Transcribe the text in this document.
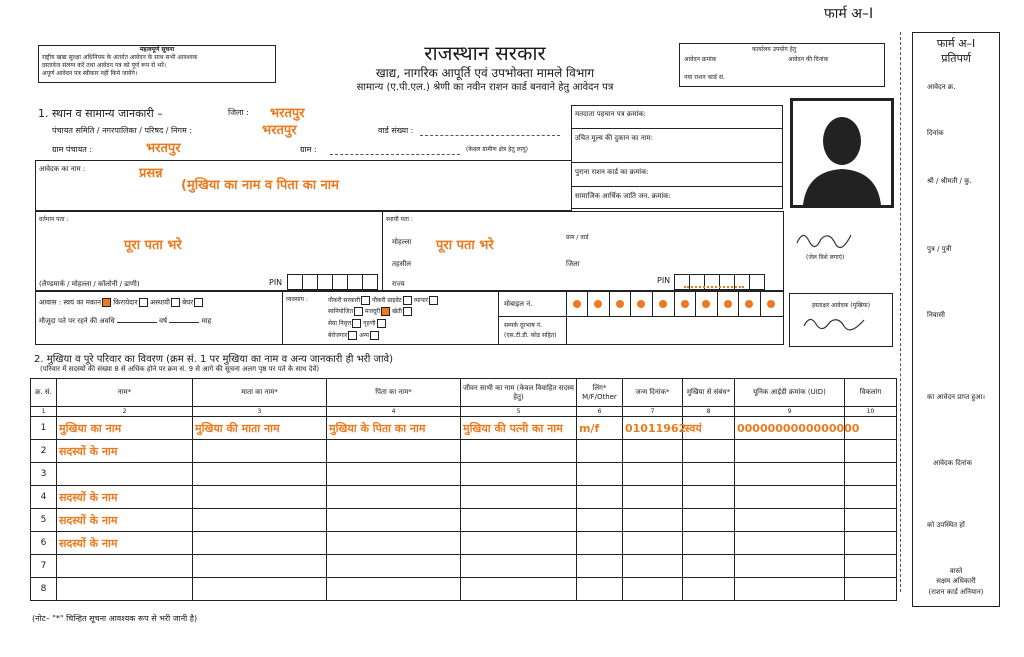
फार्म अ–I
महत्वपूर्ण सूचना
राष्ट्रीय खाद्य सुरक्षा अधिनियम के अंतर्गत आवेदन के साथ सभी आवश्यक
दस्तावेज संलग्न करें तथा आवेदन पत्र को पूर्ण रूप से भरें।
अपूर्ण आवेदन पत्र स्वीकार नहीं किये जायेंगे।
राजस्थान सरकार
खाद्य, नागरिक आपूर्ति एवं उपभोक्ता मामले विभाग
सामान्य (ए.पी.एल.) श्रेणी का नवीन राशन कार्ड बनवाने हेतु आवेदन पत्र
कार्यालय उपयोग हेतु
आवेदन क्रमांक	आवेदन की दिनांक
नया राशन कार्ड सं.
1. स्थान व सामान्य जानकारी –	जिला : भरतपुर
पंचायत समिति / नगरपालिका / परिषद / निगम :	भरतपुर	वार्ड संख्या :
ग्राम पंचायत :	भरतपुर	ग्राम :	(केवल ग्रामीण क्षेत्र हेतु लागू)
मतदाता पहचान पत्र क्रमांक:
उचित मूल्य की दुकान का नाम:
पुराना राशन कार्ड का क्रमांक:
सामाजिक आर्थिक जाति जन. क्रमांक:
आवेदक का नाम :	प्रसन्न
(मुखिया का नाम व पिता का नाम
वर्तमान पता :
पूरा पता भरे
(लैण्डमार्क / मोहल्ला / कॉलोनी / ढाणी)	PIN
स्थायी पता :
मोहल्ला पूरा पता भरे
ग्राम / वार्ड
तहसील	जिला
राज्य	PIN
(जेल विशे लगाएं)
आवास : स्वयं का मकान किरायेदार अस्थायी बेघर
मौजूदा पते पर रहने की अवधि	वर्ष	माह
व्यवसाय :	नौकरी सरकारी नौकरी प्राइवेट व्यापार
स्वनियोजित मजदूरी खेती
सेवा निवृत्त गृहणी
बेरोजगार अन्य
मोबाइल नं.
सम्पर्क दूरभाष नं.
(एस.टी.डी. कोड सहित)
हस्ताक्षर आवेदक (मुखिया)
2. मुखिया व पूरे परिवार का विवरण (क्रम सं. 1 पर मुखिया का नाम व अन्य जानकारी ही भरी जावे)
(परिवार में सदस्यों की संख्या 8 से अधिक होने पर क्रम सं. 9 से आगे की सूचना अलग पृष्ठ पर पते के साथ देवें)
क्र. सं.	नाम*	माता का नाम*	पिता का नाम*	जीवन साथी का नाम (केवल विवाहित सदस्य हेतु)	लिंग* M/F/Other	जन्म दिनांक*	मुखिया से संबंध*	यूनिक आईडी क्रमांक (UID)	विकलांग
1	2	3	4	5	6	7	8	9	10
1	मुखिया का नाम	मुखिया की माता नाम	मुखिया के पिता का नाम	मुखिया की पत्नी का नाम	m/f	01011962	स्वयं	0000000000000000	
2	सदस्यों के नाम								
3									
4	सदस्यों के नाम								
5	सदस्यों के नाम								
6	सदस्यों के नाम								
7									
8									
(नोट– "*" चिन्हित सूचना आवश्यक रूप से भरी जानी है)
फार्म अ–I
प्रतिपर्ण
आवेदन क्र.
दिनांक
श्री / श्रीमती / कु.
पुत्र / पुत्री
निवासी
का आवेदन प्राप्त हुआ।
आवेदक दिनांक
को उपस्थित हों
वास्ते
सक्षम अधिकारी
(राशन कार्ड अनियान)
